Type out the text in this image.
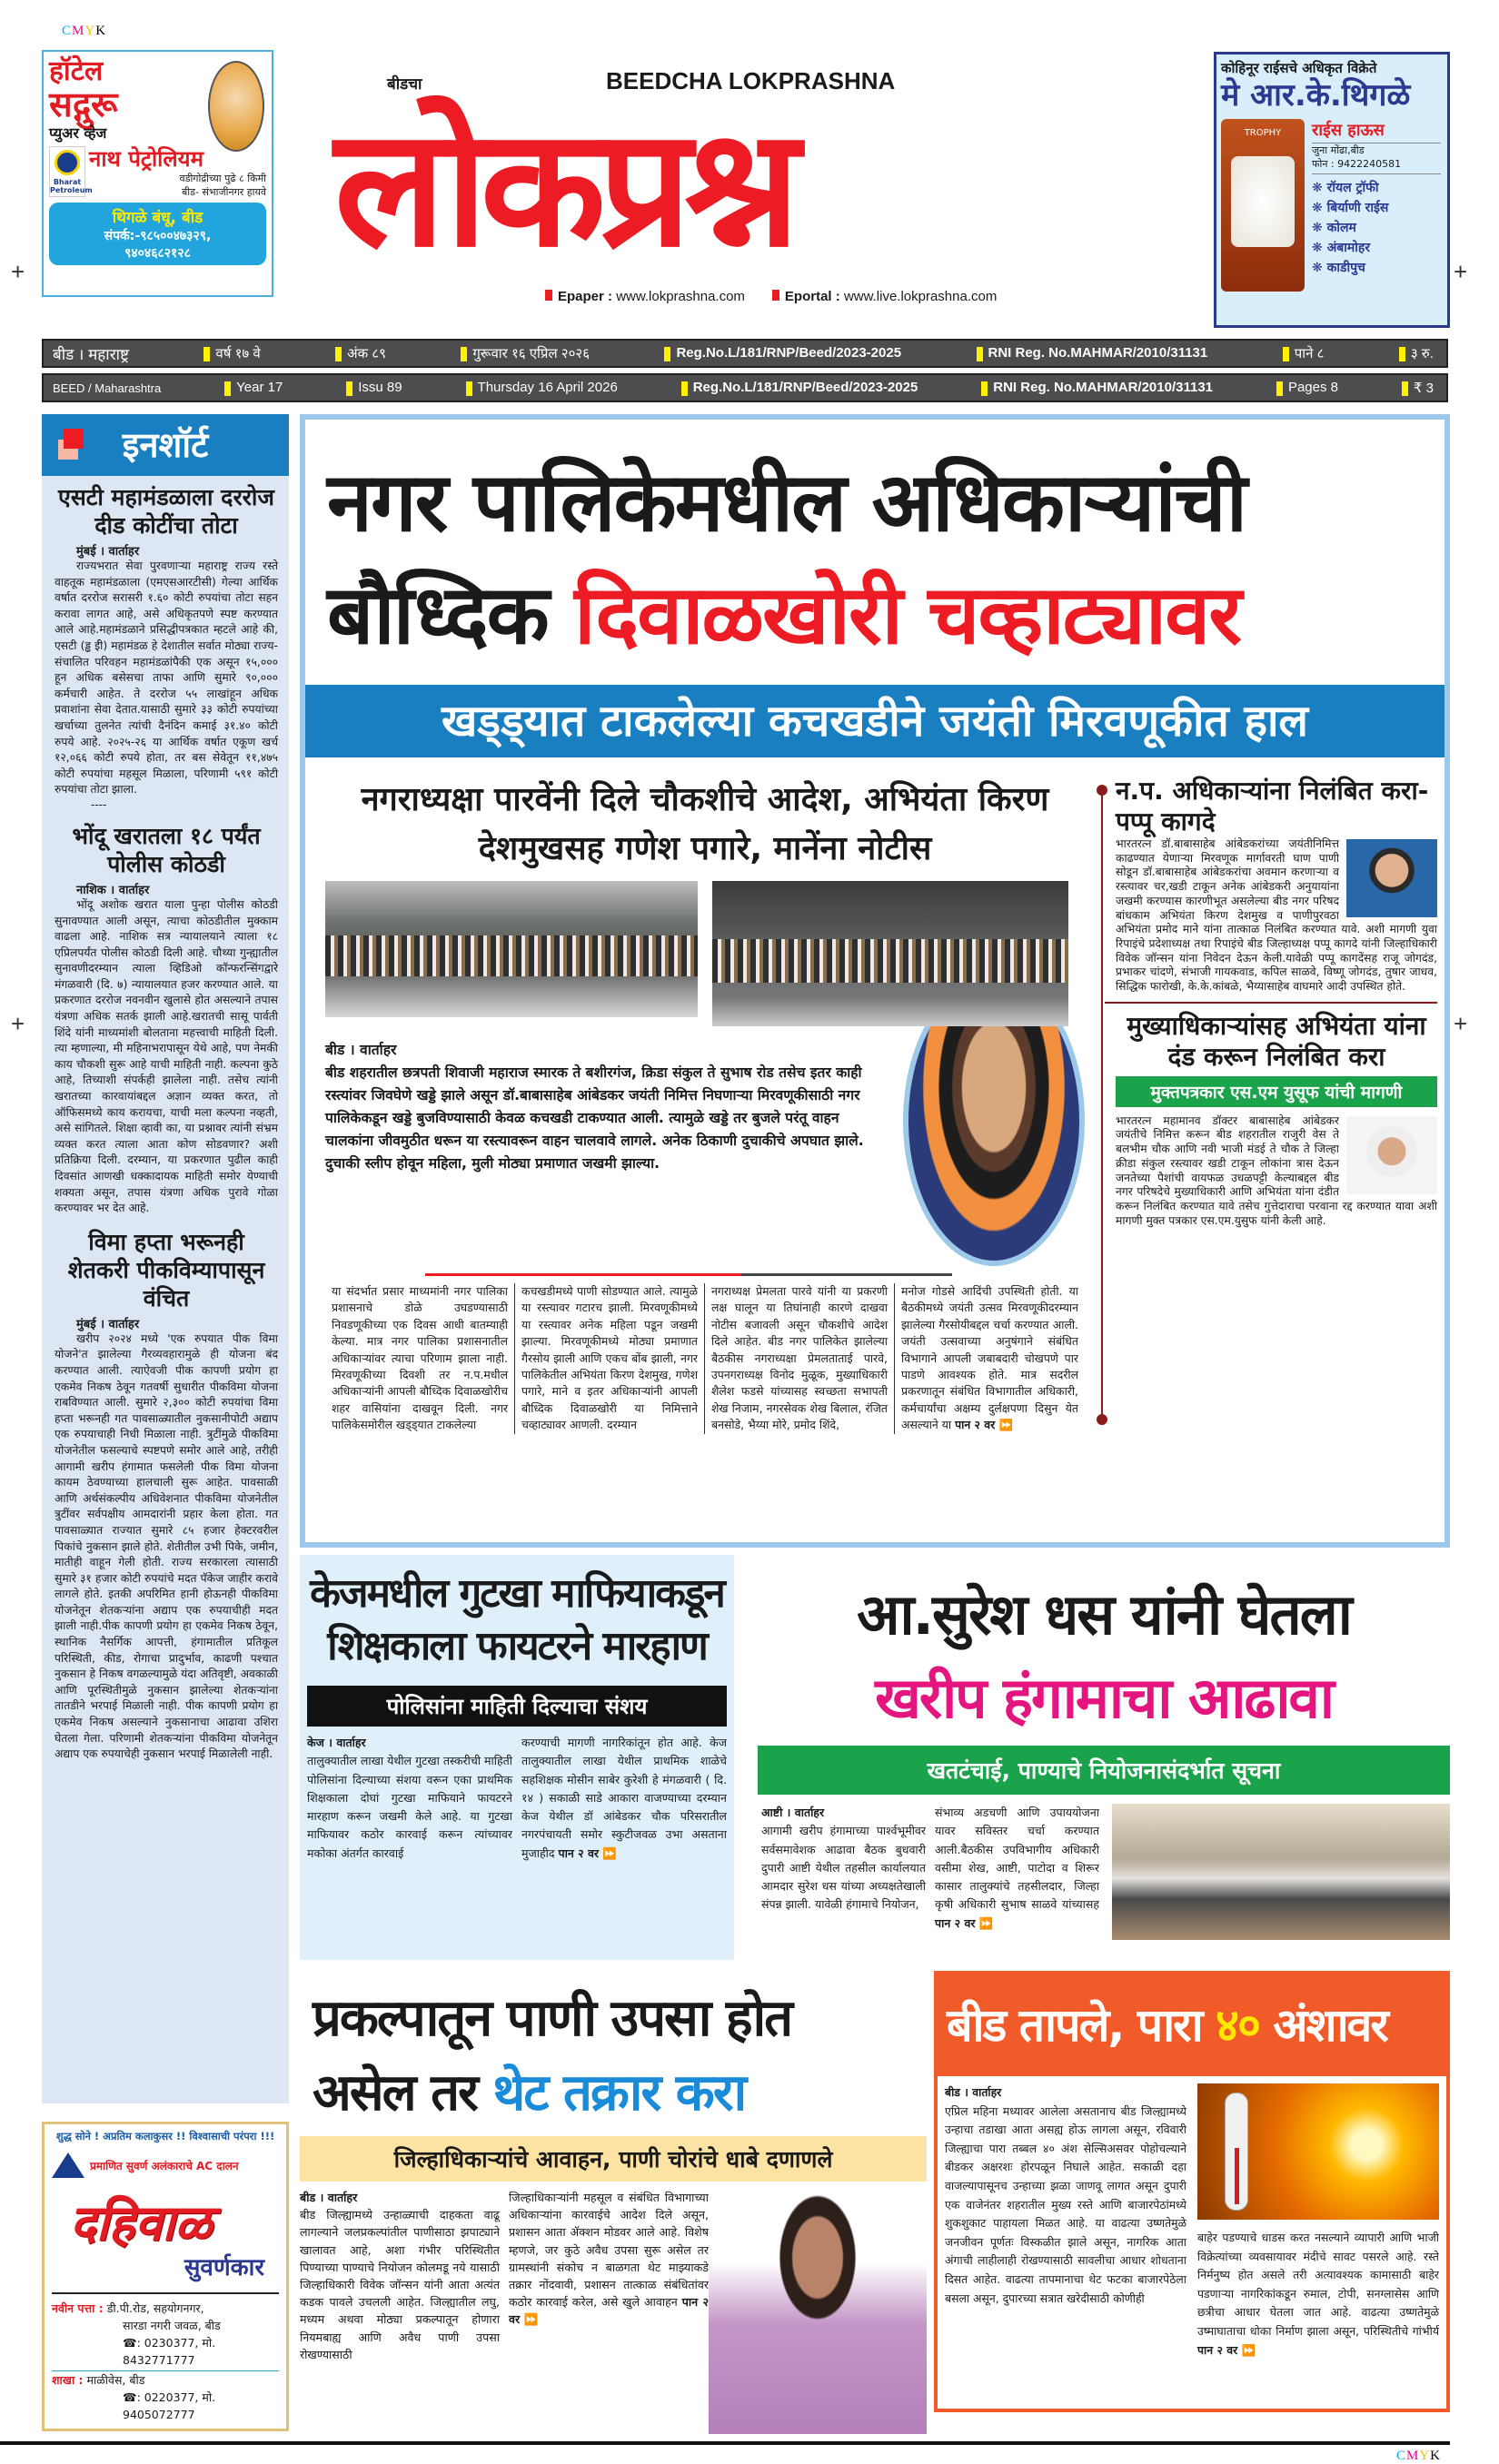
CMYK
+
+
+
+
हॉटेल
सद्गुरू
प्युअर व्हेज
Bharat Petroleum
नाथ पेट्रोलियम
वडीगोद्रीच्या पुढे ८ किमी
बीड- संभाजीनगर हायवे
थिगळे बंधू, बीड
संपर्क:-९८५००४७३२९,
९४०४६८२१२८
बीडचा	BEEDCHA LOKPRASHNA
लोकप्रश्न
Epaper : www.lokprashna.com	Eportal : www.live.lokprashna.com
कोहिनूर राईसचे अधिकृत विक्रेते
मे आर.के.थिगळे
TROPHY	राईस हाऊस
जुना मोंढा,बीड
फोन : 9422240581
❋ रॉयल ट्रॉफी
❋ बिर्याणी राईस
❋ कोलम
❋ अंबामोहर
❋ काडीपुच
बीड । महाराष्ट्र	वर्ष १७ वे	अंक ८९	गुरूवार १६ एप्रिल २०२६	Reg.No.L/181/RNP/Beed/2023-2025	RNI Reg. No.MAHMAR/2010/31131	पाने ८	३ रु.
BEED / Maharashtra	Year 17	Issu 89	Thursday 16 April 2026	Reg.No.L/181/RNP/Beed/2023-2025	RNI Reg. No.MAHMAR/2010/31131	Pages 8	₹ 3
इनशॉर्ट
एसटी महामंडळाला दररोज दीड कोटींचा तोटा
मुंबई । वार्ताहर

राज्यभरात सेवा पुरवणाऱ्या महाराष्ट्र राज्य रस्ते वाहतूक महामंडळाला (एमएसआरटीसी) गेल्या आर्थिक वर्षात दररोज सरासरी १.६० कोटी रुपयांचा तोटा सहन करावा लागत आहे, असे अधिकृतपणे स्पष्ट करण्यात आले आहे.महामंडळाने प्रसिद्धीपत्रकात म्हटले आहे की, एसटी (ड्ढ ईी) महामंडळ हे देशातील सर्वात मोठ्या राज्य-संचालित परिवहन महामंडळांपैकी एक असून १५,००० हून अधिक बसेसचा ताफा आणि सुमारे ९०,००० कर्मचारी आहेत. ते दररोज ५५ लाखांहून अधिक प्रवाशांना सेवा देतात.यासाठी सुमारे ३३ कोटी रुपयांच्या खर्चाच्या तुलनेत त्यांची दैनंदिन कमाई ३१.४० कोटी रुपये आहे. २०२५-२६ या आर्थिक वर्षात एकूण खर्च १२,०६६ कोटी रुपये होता, तर बस सेवेतून ११,४७५ कोटी रुपयांचा महसूल मिळाला, परिणामी ५९१ कोटी रुपयांचा तोटा झाला.

----
भोंदू खरातला १८ पर्यंत पोलीस कोठडी
नाशिक । वार्ताहर

भोंदू अशोक खरात याला पुन्हा पोलीस कोठडी सुनावण्यात आली असून, त्याचा कोठडीतील मुक्काम वाढला आहे. नाशिक सत्र न्यायालयाने त्याला १८ एप्रिलपर्यंत पोलीस कोठडी दिली आहे. चौथ्या गुन्ह्यातील सुनावणीदरम्यान त्याला व्हिडिओ कॉन्फरन्सिंगद्वारे मंगळवारी (दि. ७) न्यायालयात हजर करण्यात आले. या प्रकरणात दररोज नवनवीन खुलासे होत असल्याने तपास यंत्रणा अधिक सतर्क झाली आहे.खरातची सासू पार्वती शिंदे यांनी माध्यमांशी बोलताना महत्त्वाची माहिती दिली. त्या म्हणाल्या, मी महिनाभरापासून येथे आहे, पण नेमकी काय चौकशी सुरू आहे याची माहिती नाही. कल्पना कुठे आहे, तिच्याशी संपर्कही झालेला नाही. तसेच त्यांनी खरातच्या कारवायांबद्दल अज्ञान व्यक्त करत, तो ऑफिसमध्ये काय करायचा, याची मला कल्पना नव्हती, असे सांगितले. शिक्षा व्हावी का, या प्रश्नावर त्यांनी संभ्रम व्यक्त करत त्याला आता कोण सोडवणार? अशी प्रतिक्रिया दिली. दरम्यान, या प्रकरणात पुढील काही दिवसांत आणखी धक्कादायक माहिती समोर येण्याची शक्यता असून, तपास यंत्रणा अधिक पुरावे गोळा करण्यावर भर देत आहे.

विमा हप्ता भरूनही शेतकरी पीकविम्यापासून वंचित
मुंबई । वार्ताहर

खरीप २०२४ मध्ये 'एक रुपयात पीक विमा योजने'त झालेल्या गैरव्यवहारामुळे ही योजना बंद करण्यात आली. त्याऐवजी पीक कापणी प्रयोग हा एकमेव निकष ठेवून गतवर्षी सुधारीत पीकविमा योजना राबविण्यात आली. सुमारे २,३०० कोटी रुपयांचा विमा हप्ता भरूनही गत पावसाळ्यातील नुकसानीपोटी अद्याप एक रुपयाचाही निधी मिळाला नाही. त्रुटींमुळे पीकविमा योजनेतील फसल्याचे स्पष्टपणे समोर आले आहे, तरीही आगामी खरीप हंगामात फसलेली पीक विमा योजना कायम ठेवण्याच्या हालचाली सुरू आहेत. पावसाळी आणि अर्थसंकल्पीय अधिवेशनात पीकविमा योजनेतील त्रुटींवर सर्वपक्षीय आमदारांनी प्रहार केला होता. गत पावसाळ्यात राज्यात सुमारे ८५ हजार हेक्टरवरील पिकांचे नुकसान झाले होते. शेतीतील उभी पिके, जमीन, मातीही वाहून गेली होती. राज्य सरकारला त्यासाठी सुमारे ३१ हजार कोटी रुपयांचे मदत पॅकेज जाहीर करावे लागले होते. इतकी अपरिमित हानी होऊनही पीकविमा योजनेतून शेतकऱ्यांना अद्याप एक रुपयाचीही मदत झाली नाही.पीक कापणी प्रयोग हा एकमेव निकष ठेवून, स्थानिक नैसर्गिक आपत्ती, हंगामातील प्रतिकूल परिस्थिती, कीड, रोगाचा प्रादुर्भाव, काढणी पश्चात नुकसान हे निकष वगळल्यामुळे यंदा अतिवृष्टी, अवकाळी आणि पूरस्थितीमुळे नुकसान झालेल्या शेतकऱ्यांना तातडीने भरपाई मिळाली नाही. पीक कापणी प्रयोग हा एकमेव निकष असल्याने नुकसानाचा आढावा उशिरा घेतला गेला. परिणामी शेतकऱ्यांना पीकविमा योजनेतून अद्याप एक रुपयाचेही नुकसान भरपाई मिळालेली नाही.

शुद्ध सोने ! अप्रतिम कलाकुसर !! विश्वासाची परंपरा !!!
प्रमाणित सुवर्ण अलंकाराचे AC दालन
दहिवाळ
सुवर्णकार
नवीन पत्ता : डी.पी.रोड, सहयोगनगर,
सारडा नगरी जवळ, बीड
☎: 0230377, मो. 8432771777
शाखा : माळीवेस, बीड
☎: 0220377, मो. 9405072777
नगर पालिकेमधील अधिकाऱ्यांची
बौध्दिक दिवाळखोरी चव्हाट्यावर
खड्ड्यात टाकलेल्या कचखडीने जयंती मिरवणूकीत हाल
नगराध्यक्षा पारवेंनी दिले चौकशीचे आदेश, अभियंता किरण देशमुखसह गणेश पगारे, मानेंना नोटीस
बीड । वार्ताहर
बीड शहरातील छत्रपती शिवाजी महाराज स्मारक ते बशीरगंज, क्रिडा संकुल ते सुभाष रोड तसेच इतर काही रस्त्यांवर जिवघेणे खड्डे झाले असून डॉ.बाबासाहेब आंबेडकर जयंती निमित्त निघणाऱ्या मिरवणूकीसाठी नगर पालिकेकडून खड्डे बुजविण्यासाठी केवळ कचखडी टाकण्यात आली. त्यामुळे खड्डे तर बुजले परंतू वाहन चालकांना जीवमुठीत धरून या रस्त्यावरून वाहन चालवावे लागले. अनेक ठिकाणी दुचाकीचे अपघात झाले. दुचाकी स्लीप होवून महिला, मुली मोठ्या प्रमाणात जखमी झाल्या.

या संदर्भात प्रसार माध्यमांनी नगर पालिका प्रशासनाचे डोळे उघडण्यासाठी निवडणूकीच्या एक दिवस आधी बातम्याही केल्या. मात्र नगर पालिका प्रशासनातील अधिकाऱ्यांवर त्याचा परिणाम झाला नाही. मिरवणूकीच्या दिवशी तर न.प.मधील अधिकाऱ्यांनी आपली बौध्दिक दिवाळखोरीच शहर वासियांना दाखवून दिली. नगर पालिकेसमोरील खड्ड्यात टाकलेल्या

कचखडीमध्ये पाणी सोडण्यात आले. त्यामुळे या रस्त्यावर गटारच झाली. मिरवणूकीमध्ये या रस्त्यावर अनेक महिला पडून जखमी झाल्या. मिरवणूकीमध्ये मोठ्या प्रमाणात गैरसोय झाली आणि एकच बोंब झाली, नगर पालिकेतील अभियंता किरण देशमुख, गणेश पगारे, माने व इतर अधिकाऱ्यांनी आपली बौध्दिक दिवाळखोरी या निमित्ताने चव्हाट्यावर आणली. दरम्यान

नगराध्यक्ष प्रेमलता पारवे यांनी या प्रकरणी लक्ष घालून या तिघांनाही कारणे दाखवा नोटीस बजावली असून चौकशीचे आदेश दिले आहेत. बीड नगर पालिकेत झालेल्या बैठकीस नगराध्यक्षा प्रेमलताताई पारवे, उपनगराध्यक्ष विनोद मुळूक, मुख्याधिकारी शैलेश फडसे यांच्यासह स्वच्छता सभापती शेख निजाम, नगरसेवक शेख बिलाल, रंजित बनसोडे, भैय्या मोरे, प्रमोद शिंदे,

मनोज गोडसे आदिंची उपस्थिती होती. या बैठकीमध्ये जयंती उत्सव मिरवणूकीदरम्यान झालेल्या गैरसोयीबद्दल चर्चा करण्यात आली. जयंती उत्सवाच्या अनुषंगाने संबंधित विभागाने आपली जबाबदारी चोखपणे पार पाडणे आवश्यक होते. मात्र सदरील प्रकरणातून संबंधित विभागातील अधिकारी, कर्मचार्यांचा अक्षम्य दुर्लक्षपणा दिसुन येत असल्याने या पान २ वर ⏩

न.प. अधिकाऱ्यांना निलंबित करा-पप्पू कागदे

भारतरत्न डॉ.बाबासाहेब आंबेडकरांच्या जयंतीनिमित्त काढण्यात येणाऱ्या मिरवणूक मार्गावरती घाण पाणी सोडून डॉ.बाबासाहेब आंबेडकरांचा अवमान करणाऱ्या व रस्त्यावर चर,खडी टाकून अनेक आंबेडकरी अनुयायांना जखमी करण्यास कारणीभूत असलेल्या बीड नगर परिषद बांधकाम अभियंता किरण देशमुख व पाणीपुरवठा अभियंता प्रमोद माने यांना तात्काळ निलंबित करण्यात यावे. अशी मागणी युवा रिपाइंचे प्रदेशाध्यक्ष तथा रिपाइंचे बीड जिल्हाध्यक्ष पप्पू कागदे यांनी जिल्हाधिकारी विवेक जॉन्सन यांना निवेदन देऊन केली.यावेळी पप्पू कागदेंसह राजू जोगदंड, प्रभाकर चांदणे, संभाजी गायकवाड, कपिल साळवे, विष्णू जोगदंड, तुषार जाधव, सिद्धिक फारोखी, के.के.कांबळे, भैय्यासाहेब वाघमारे आदी उपस्थित होते.

मुख्याधिकाऱ्यांसह अभियंता यांना दंड करून निलंबित करा
मुक्तपत्रकार एस.एम युसूफ यांची मागणी

भारतरत्न महामानव डॉक्टर बाबासाहेब आंबेडकर जयंतीचे निमित्त करून बीड शहरातील राजुरी वेस ते बलभीम चौक आणि नवी भाजी मंडई ते चौक ते जिल्हा क्रीडा संकुल रस्त्यावर खडी टाकून लोकांना त्रास देऊन जनतेच्या पैशांची वायफळ उधळपट्टी केल्याबद्दल बीड नगर परिषदेचे मुख्याधिकारी आणि अभियंता यांना दंडीत करून निलंबित करण्यात यावे तसेच गुत्तेदाराचा परवाना रद्द करण्यात यावा अशी मागणी मुक्त पत्रकार एस.एम.युसुफ यांनी केली आहे.

केजमधील गुटखा माफियाकडून शिक्षकाला फायटरने मारहाण
पोलिसांना माहिती दिल्याचा संशय

केज । वार्ताहर
तालुक्यातील लाखा येथील गुटखा तस्करीची माहिती पोलिसांना दिल्याच्या संशया वरून एका प्राथमिक शिक्षकाला दोघां गुटखा माफियाने फायटरने मारहाण करून जखमी केले आहे. या गुटखा माफियावर कठोर कारवाई करून त्यांच्यावर मकोका अंतर्गत कारवाई

करण्याची मागणी नागरिकांतून होत आहे. केज तालुक्यातील लाखा येथील प्राथमिक शाळेचे सहशिक्षक मोसीन साबेर कुरेशी हे मंगळवारी ( दि. १४ ) सकाळी साडे आकारा वाजण्याच्या दरम्यान केज येथील डॉ आंबेडकर चौक परिसरातील नगरपंचायती समोर स्कुटीजवळ उभा असताना मुजाहीद पान २ वर ⏩

आ.सुरेश धस यांनी घेतला
खरीप हंगामाचा आढावा
खतटंचाई, पाण्याचे नियोजनासंदर्भात सूचना

आष्टी । वार्ताहर
आगामी खरीप हंगामाच्या पार्श्वभूमीवर सर्वसमावेशक आढावा बैठक बुधवारी दुपारी आष्टी येथील तहसील कार्यालयात आमदार सुरेश धस यांच्या अध्यक्षतेखाली संपन्न झाली. यावेळी हंगामाचे नियोजन,

संभाव्य अडचणी आणि उपाययोजना यावर सविस्तर चर्चा करण्यात आली.बैठकीस उपविभागीय अधिकारी वसीमा शेख, आष्टी, पाटोदा व शिरूर कासार तालुक्यांचे तहसीलदार, जिल्हा कृषी अधिकारी सुभाष साळवे यांच्यासह पान २ वर ⏩

प्रकल्पातून पाणी उपसा होत
असेल तर थेट तक्रार करा
जिल्हाधिकाऱ्यांचे आवाहन, पाणी चोरांचे धाबे दणाणले

बीड । वार्ताहर
बीड जिल्ह्यामध्ये उन्हाळ्याची दाहकता वाढू लागल्याने जलप्रकल्पांतील पाणीसाठा झपाट्याने खालावत आहे, अशा गंभीर परिस्थितीत पिण्याच्या पाण्याचे नियोजन कोलमडू नये यासाठी जिल्हाधिकारी विवेक जॉन्सन यांनी आता अत्यंत कडक पावले उचलली आहेत. जिल्ह्यातील लघु, मध्यम अथवा मोठ्या प्रकल्पातून होणारा नियमबाह्य आणि अवैध पाणी उपसा रोखण्यासाठी

जिल्हाधिकाऱ्यांनी महसूल व संबंधित विभागाच्या अधिकाऱ्यांना कारवाईचे आदेश दिले असून, प्रशासन आता ॲक्शन मोडवर आले आहे. विशेष म्हणजे, जर कुठे अवैध उपसा सुरू असेल तर ग्रामस्थांनी संकोच न बाळगता थेट माझ्याकडे तक्रार नोंदवावी, प्रशासन तात्काळ संबंधितांवर कठोर कारवाई करेल, असे खुले आवाहन पान २ वर ⏩

बीड तापले, पारा ४० अंशावर

बीड । वार्ताहर
एप्रिल महिना मध्यावर आलेला असतानाच बीड जिल्ह्यामध्ये उन्हाचा तडाखा आता असह्य होऊ लागला असून, रविवारी जिल्ह्याचा पारा तब्बल ४० अंश सेल्सिअसवर पोहोचल्याने बीडकर अक्षरशः होरपळून निघाले आहेत. सकाळी दहा वाजल्यापासूनच उन्हाच्या झळा जाणवू लागत असून दुपारी एक वाजेनंतर शहरातील मुख्य रस्ते आणि बाजारपेठांमध्ये शुकशुकाट पाहायला मिळत आहे. या वाढत्या उष्णतेमुळे जनजीवन पूर्णतः विस्कळीत झाले असून, नागरिक आता अंगाची लाहीलाही रोखण्यासाठी सावलीचा आधार शोधताना दिसत आहेत. वाढत्या तापमानाचा थेट फटका बाजारपेठेला बसला असून, दुपारच्या सत्रात खरेदीसाठी कोणीही

बाहेर पडण्याचे धाडस करत नसल्याने व्यापारी आणि भाजी विक्रेत्यांच्या व्यवसायावर मंदीचे सावट पसरले आहे. रस्ते निर्मनुष्य होत असले तरी अत्यावश्यक कामासाठी बाहेर पडणाऱ्या नागरिकांकडून रुमाल, टोपी, सनग्लासेस आणि छत्रीचा आधार घेतला जात आहे. वाढत्या उष्णतेमुळे उष्माघाताचा धोका निर्माण झाला असून, परिस्थितीचे गांभीर्य पान २ वर ⏩

CMYK
